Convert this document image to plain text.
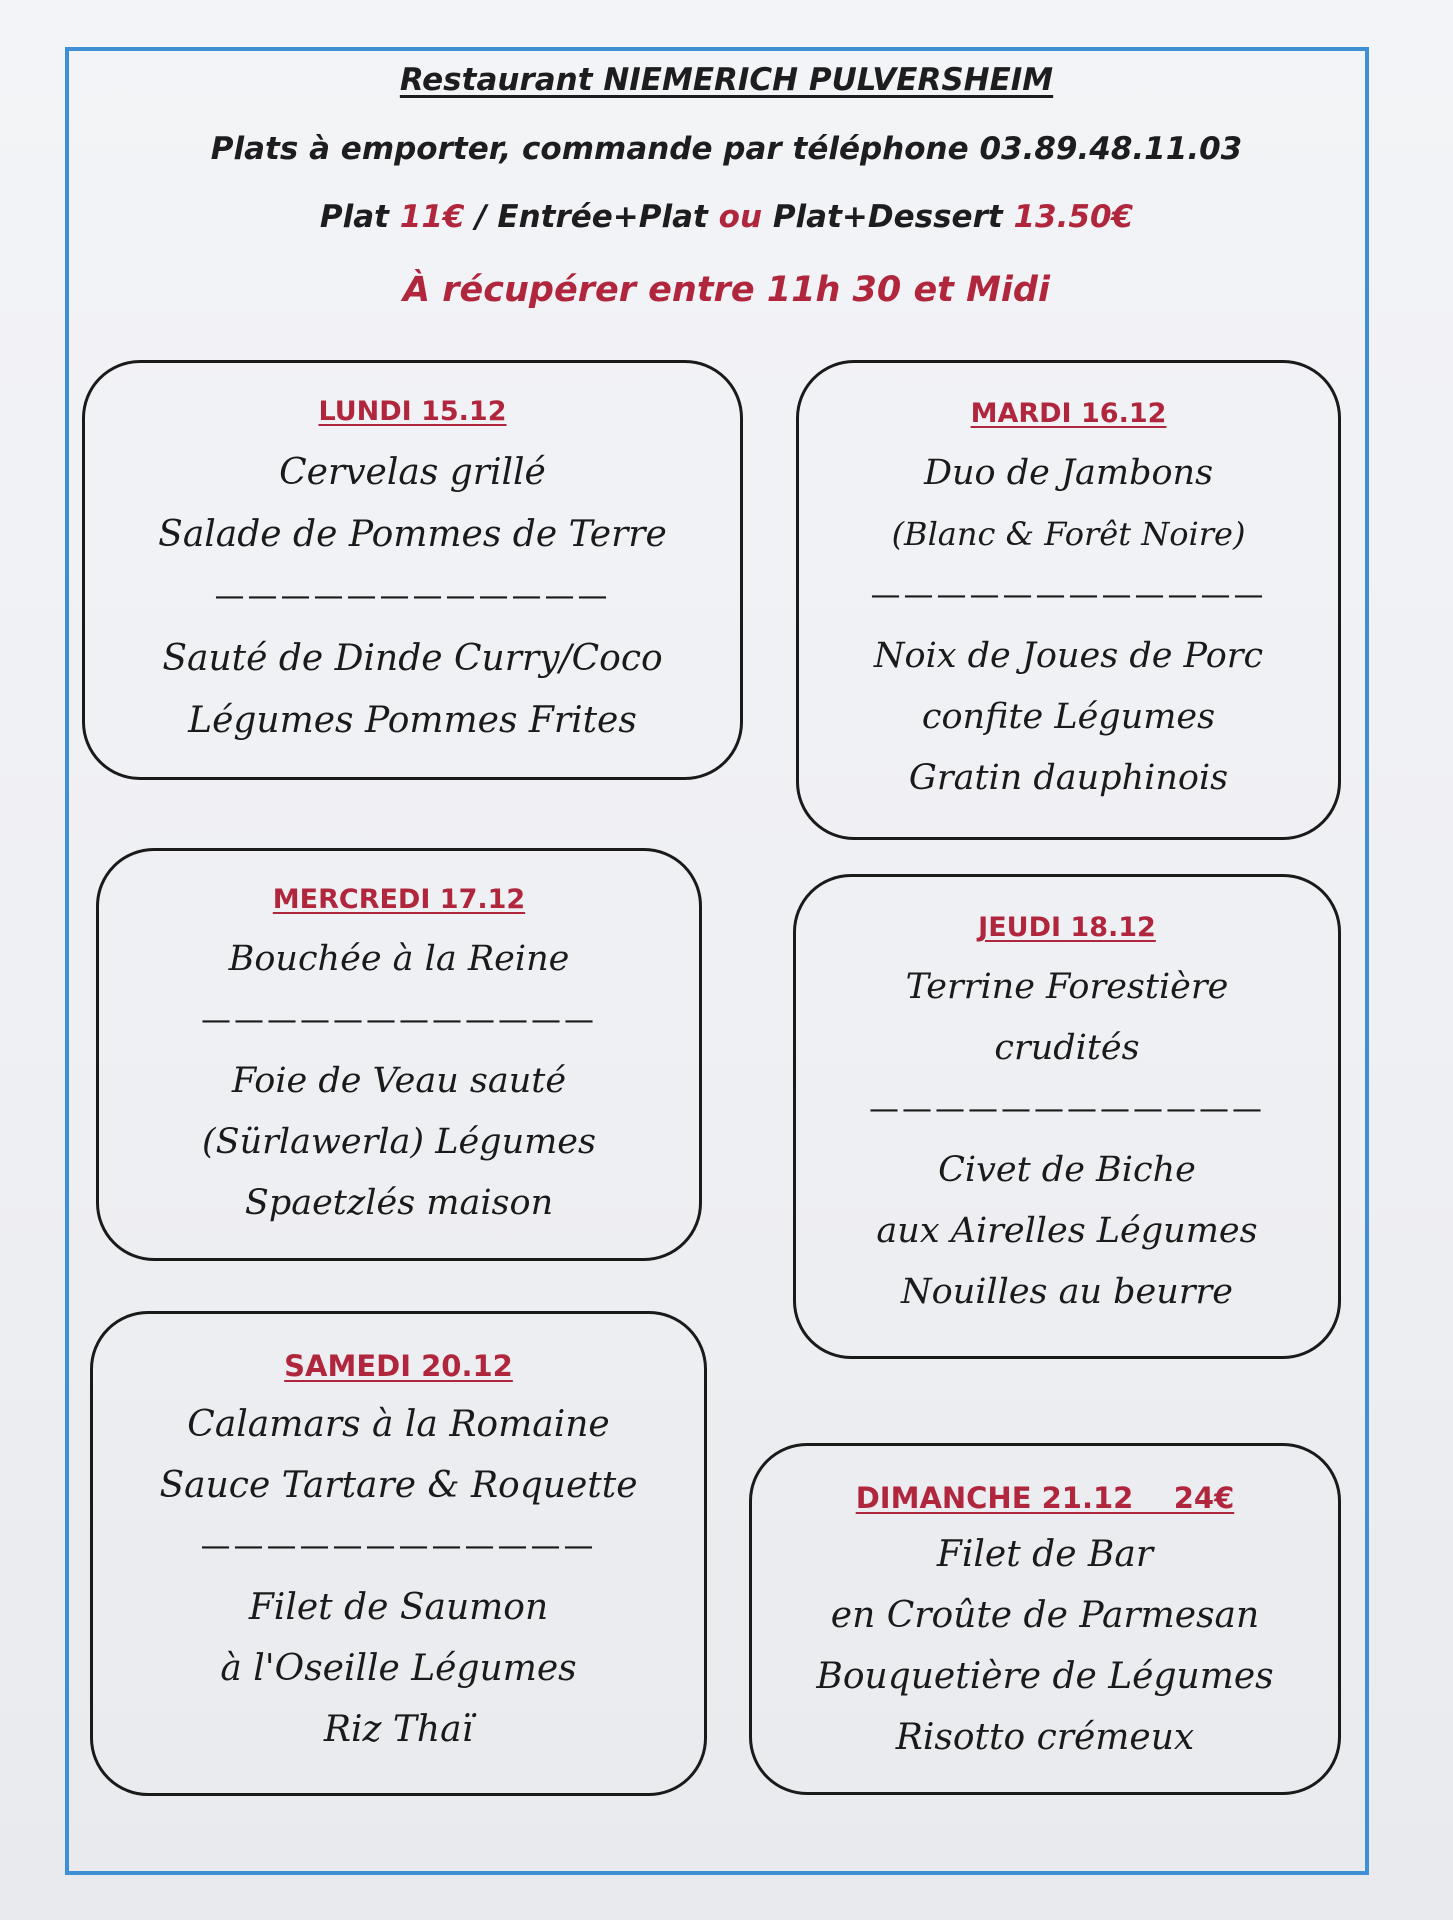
Restaurant NIEMERICH PULVERSHEIM
Plats à emporter, commande par téléphone 03.89.48.11.03
Plat 11€ / Entrée+Plat ou Plat+Dessert 13.50€
À récupérer entre 11h 30 et Midi
LUNDI 15.12
Cervelas grillé
Salade de Pommes de Terre
————————————
Sauté de Dinde Curry/Coco
Légumes Pommes Frites
MARDI 16.12
Duo de Jambons
(Blanc & Forêt Noire)
————————————
Noix de Joues de Porc
confite Légumes
Gratin dauphinois
MERCREDI 17.12
Bouchée à la Reine
————————————
Foie de Veau sauté
(Sürlawerla) Légumes
Spaetzlés maison
JEUDI 18.12
Terrine Forestière
crudités
————————————
Civet de Biche
aux Airelles Légumes
Nouilles au beurre
SAMEDI 20.12
Calamars à la Romaine
Sauce Tartare & Roquette
————————————
Filet de Saumon
à l'Oseille Légumes
Riz Thaï
DIMANCHE 21.12    24€
Filet de Bar
en Croûte de Parmesan
Bouquetière de Légumes
Risotto crémeux
